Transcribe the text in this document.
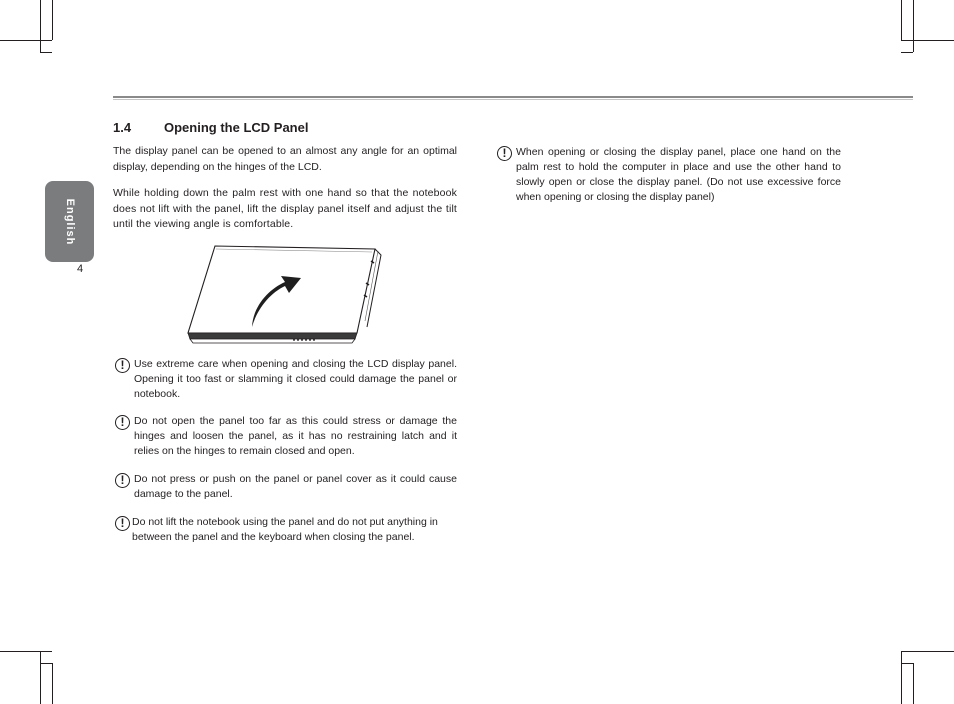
English
4
1.4	Opening the LCD Panel

The display panel can be opened to an almost any angle for an optimal display, depending on the hinges of the LCD.

While holding down the palm rest with one hand so that the notebook does not lift with the panel, lift the display panel itself and adjust the tilt until the viewing angle is comfortable.

! Use extreme care when opening and closing the LCD display panel. Opening it too fast or slamming it closed could damage the panel or notebook.

! Do not open the panel too far as this could stress or damage the hinges and loosen the panel, as it has no restraining latch and it relies on the hinges to remain closed and open.

! Do not press or push on the panel or panel cover as it could cause damage to the panel.

! Do not lift the notebook using the panel and do not put anything in between the panel and the keyboard when closing the panel.

! When opening or closing the display panel, place one hand on the palm rest to hold the computer in place and use the other hand to slowly open or close the display panel. (Do not use excessive force when opening or closing the display panel)
